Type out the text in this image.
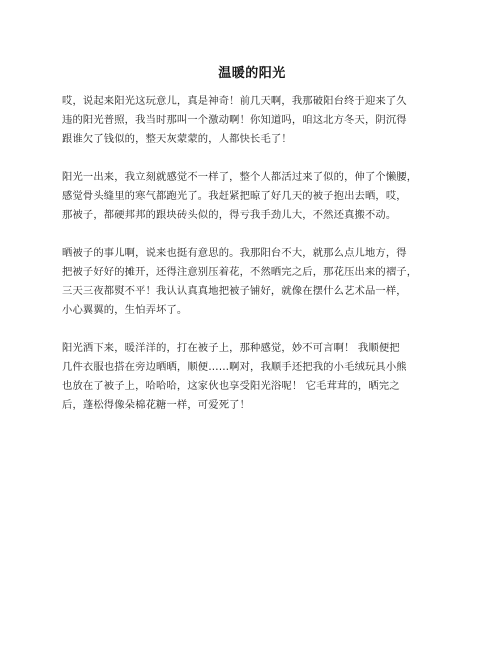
温暖的阳光
哎，说起来阳光这玩意儿，真是神奇！前几天啊，我那破阳台终于迎来了久
违的阳光普照，我当时那叫一个激动啊！你知道吗，咱这北方冬天，阴沉得
跟谁欠了钱似的，整天灰蒙蒙的，人都快长毛了！
阳光一出来，我立刻就感觉不一样了，整个人都活过来了似的，伸了个懒腰，
感觉骨头缝里的寒气都跑光了。我赶紧把晾了好几天的被子抱出去晒，哎，
那被子，都硬邦邦的跟块砖头似的，得亏我手劲儿大，不然还真搬不动。
晒被子的事儿啊，说来也挺有意思的。我那阳台不大，就那么点儿地方，得
把被子好好的摊开，还得注意别压着花，不然晒完之后，那花压出来的褶子，
三天三夜都熨不平！我认认真真地把被子铺好，就像在摆什么艺术品一样，
小心翼翼的，生怕弄坏了。
阳光洒下来，暖洋洋的，打在被子上，那种感觉，妙不可言啊！ 我顺便把
几件衣服也搭在旁边晒晒，顺便……啊对，我顺手还把我的小毛绒玩具小熊
也放在了被子上，哈哈哈，这家伙也享受阳光浴呢！ 它毛茸茸的，晒完之
后，蓬松得像朵棉花糖一样，可爱死了！
